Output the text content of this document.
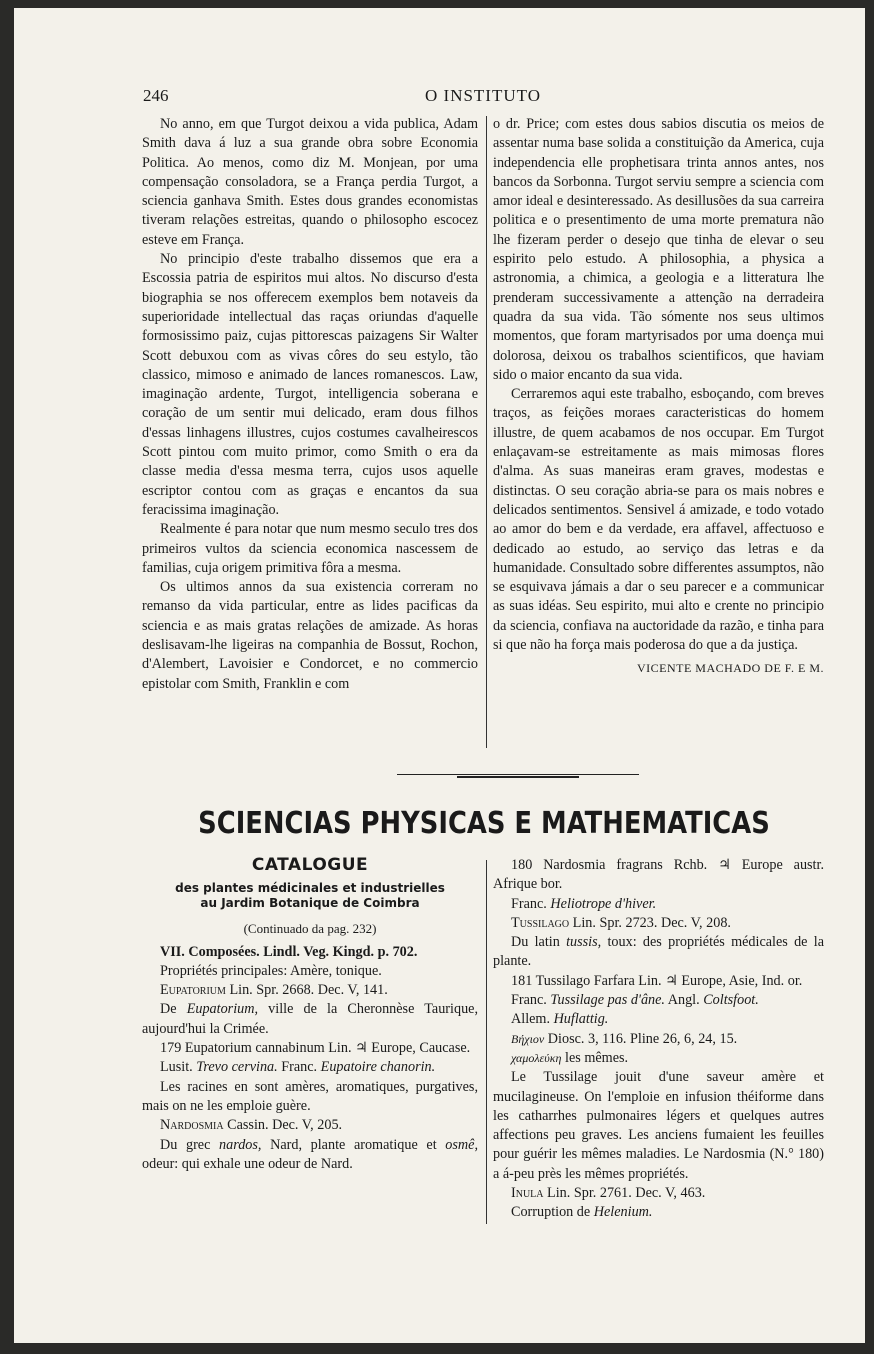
246	O INSTITUTO

No anno, em que Turgot deixou a vida publica, Adam Smith dava á luz a sua grande obra sobre Economia Politica. Ao menos, como diz M. Monjean, por uma compensação consoladora, se a França perdia Turgot, a sciencia ganhava Smith. Estes dous grandes economistas tiveram relações estreitas, quando o philosopho escocez esteve em França.

No principio d'este trabalho dissemos que era a Escossia patria de espiritos mui altos. No discurso d'esta biographia se nos offerecem exemplos bem notaveis da superioridade intellectual das raças oriundas d'aquelle formosissimo paiz, cujas pittorescas paizagens Sir Walter Scott debuxou com as vivas côres do seu estylo, tão classico, mimoso e animado de lances romanescos. Law, imaginação ardente, Turgot, intelligencia soberana e coração de um sentir mui delicado, eram dous filhos d'essas linhagens illustres, cujos costumes cavalheirescos Scott pintou com muito primor, como Smith o era da classe media d'essa mesma terra, cujos usos aquelle escriptor contou com as graças e encantos da sua feracissima imaginação.

Realmente é para notar que num mesmo seculo tres dos primeiros vultos da sciencia economica nascessem de familias, cuja origem primitiva fôra a mesma.

Os ultimos annos da sua existencia correram no remanso da vida particular, entre as lides pacificas da sciencia e as mais gratas relações de amizade. As horas deslisavam-lhe ligeiras na companhia de Bossut, Rochon, d'Alembert, Lavoisier e Condorcet, e no commercio epistolar com Smith, Franklin e com

o dr. Price; com estes dous sabios discutia os meios de assentar numa base solida a constituição da America, cuja independencia elle prophetisara trinta annos antes, nos bancos da Sorbonna. Turgot serviu sempre a sciencia com amor ideal e desinteressado. As desillusões da sua carreira politica e o presentimento de uma morte prematura não lhe fizeram perder o desejo que tinha de elevar o seu espirito pelo estudo. A philosophia, a physica a astronomia, a chimica, a geologia e a litteratura lhe prenderam successivamente a attenção na derradeira quadra da sua vida. Tão sómente nos seus ultimos momentos, que foram martyrisados por uma doença mui dolorosa, deixou os trabalhos scientificos, que haviam sido o maior encanto da sua vida.

Cerraremos aqui este trabalho, esboçando, com breves traços, as feições moraes caracteristicas do homem illustre, de quem acabamos de nos occupar. Em Turgot enlaçavam-se estreitamente as mais mimosas flores d'alma. As suas maneiras eram graves, modestas e distinctas. O seu coração abria-se para os mais nobres e delicados sentimentos. Sensivel á amizade, e todo votado ao amor do bem e da verdade, era affavel, affectuoso e dedicado ao estudo, ao serviço das letras e da humanidade. Consultado sobre differentes assumptos, não se esquivava jámais a dar o seu parecer e a communicar as suas idéas. Seu espirito, mui alto e crente no principio da sciencia, confiava na auctoridade da razão, e tinha para si que não ha força mais poderosa do que a da justiça.

VICENTE MACHADO DE F. E M.
SCIENCIAS PHYSICAS E MATHEMATICAS
CATALOGUE
des plantes médicinales et industrielles
au Jardim Botanique de Coimbra
(Continuado da pag. 232)

VII. Composées. Lindl. Veg. Kingd. p. 702.

Propriétés principales: Amère, tonique.

Eupatorium Lin. Spr. 2668. Dec. V, 141.

De Eupatorium, ville de la Cheronnèse Taurique, aujourd'hui la Crimée.

179 Eupatorium cannabinum Lin. ♃ Europe, Caucase.

Lusit. Trevo cervina. Franc. Eupatoire chanorin.

Les racines en sont amères, aromatiques, purgatives, mais on ne les emploie guère.

Nardosmia Cassin. Dec. V, 205.

Du grec nardos, Nard, plante aromatique et osmê, odeur: qui exhale une odeur de Nard.

180 Nardosmia fragrans Rchb. ♃ Europe austr. Afrique bor.

Franc. Heliotrope d'hiver.

Tussilago Lin. Spr. 2723. Dec. V, 208.

Du latin tussis, toux: des propriétés médicales de la plante.

181 Tussilago Farfara Lin. ♃ Europe, Asie, Ind. or.

Franc. Tussilage pas d'âne. Angl. Coltsfoot.

Allem. Huflattig.

Βήχιον Diosc. 3, 116. Pline 26, 6, 24, 15.

χαμολεύκη les mêmes.

Le Tussilage jouit d'une saveur amère et mucilagineuse. On l'emploie en infusion théiforme dans les catharrhes pulmonaires légers et quelques autres affections peu graves. Les anciens fumaient les feuilles pour guérir les mêmes maladies. Le Nardosmia (N.° 180) a á-peu près les mêmes propriétés.

Inula Lin. Spr. 2761. Dec. V, 463.

Corruption de Helenium.
